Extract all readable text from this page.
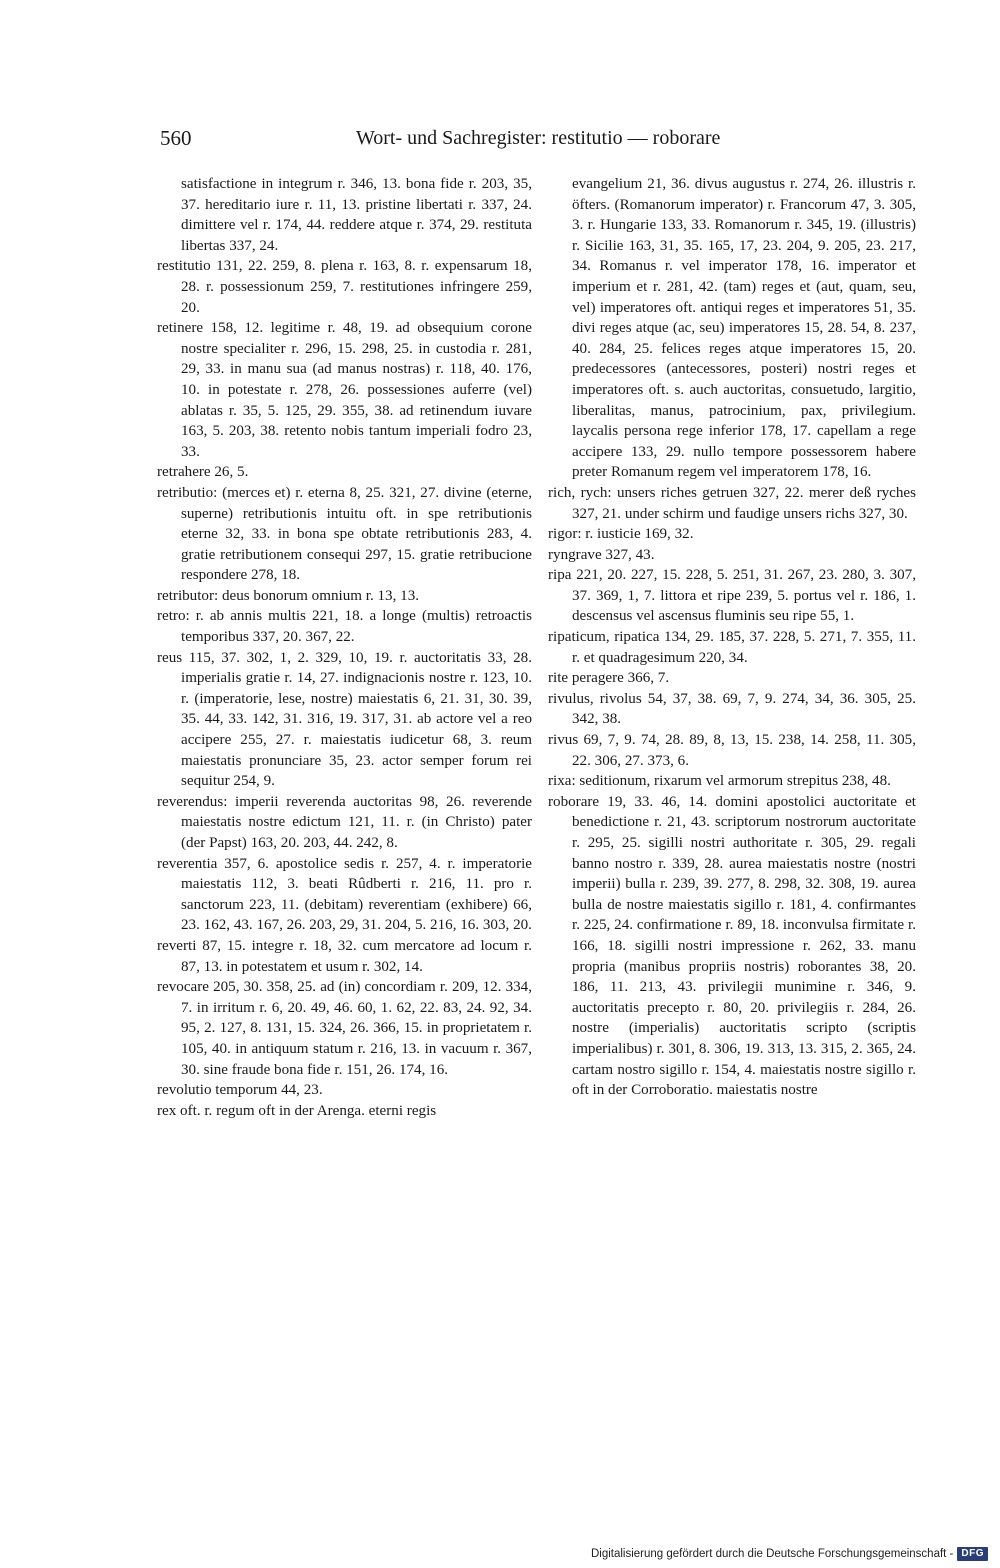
560	Wort- und Sachregister: restitutio — roborare

satisfactione in integrum r. 346, 13. bona fide r. 203, 35, 37. hereditario iure r. 11, 13. pristine libertati r. 337, 24. dimittere vel r. 174, 44. reddere atque r. 374, 29. restituta libertas 337, 24.

restitutio 131, 22. 259, 8. plena r. 163, 8. r. expensarum 18, 28. r. possessionum 259, 7. restitutiones infringere 259, 20.

retinere 158, 12. legitime r. 48, 19. ad obsequium corone nostre specialiter r. 296, 15. 298, 25. in custodia r. 281, 29, 33. in manu sua (ad manus nostras) r. 118, 40. 176, 10. in potestate r. 278, 26. possessiones auferre (vel) ablatas r. 35, 5. 125, 29. 355, 38. ad retinendum iuvare 163, 5. 203, 38. retento nobis tantum imperiali fodro 23, 33.

retrahere 26, 5.

retributio: (merces et) r. eterna 8, 25. 321, 27. divine (eterne, superne) retributionis intuitu oft. in spe retributionis eterne 32, 33. in bona spe obtate retributionis 283, 4. gratie retributionem consequi 297, 15. gratie retribucione respondere 278, 18.

retributor: deus bonorum omnium r. 13, 13.

retro: r. ab annis multis 221, 18. a longe (multis) retroactis temporibus 337, 20. 367, 22.

reus 115, 37. 302, 1, 2. 329, 10, 19. r. auctoritatis 33, 28. imperialis gratie r. 14, 27. indignacionis nostre r. 123, 10. r. (imperatorie, lese, nostre) maiestatis 6, 21. 31, 30. 39, 35. 44, 33. 142, 31. 316, 19. 317, 31. ab actore vel a reo accipere 255, 27. r. maiestatis iudicetur 68, 3. reum maiestatis pronunciare 35, 23. actor semper forum rei sequitur 254, 9.

reverendus: imperii reverenda auctoritas 98, 26. reverende maiestatis nostre edictum 121, 11. r. (in Christo) pater (der Papst) 163, 20. 203, 44. 242, 8.

reverentia 357, 6. apostolice sedis r. 257, 4. r. imperatorie maiestatis 112, 3. beati Rûdberti r. 216, 11. pro r. sanctorum 223, 11. (debitam) reverentiam (exhibere) 66, 23. 162, 43. 167, 26. 203, 29, 31. 204, 5. 216, 16. 303, 20.

reverti 87, 15. integre r. 18, 32. cum mercatore ad locum r. 87, 13. in potestatem et usum r. 302, 14.

revocare 205, 30. 358, 25. ad (in) concordiam r. 209, 12. 334, 7. in irritum r. 6, 20. 49, 46. 60, 1. 62, 22. 83, 24. 92, 34. 95, 2. 127, 8. 131, 15. 324, 26. 366, 15. in proprietatem r. 105, 40. in antiquum statum r. 216, 13. in vacuum r. 367, 30. sine fraude bona fide r. 151, 26. 174, 16.

revolutio temporum 44, 23.

rex oft. r. regum oft in der Arenga. eterni regis

evangelium 21, 36. divus augustus r. 274, 26. illustris r. öfters. (Romanorum imperator) r. Francorum 47, 3. 305, 3. r. Hungarie 133, 33. Romanorum r. 345, 19. (illustris) r. Sicilie 163, 31, 35. 165, 17, 23. 204, 9. 205, 23. 217, 34. Romanus r. vel imperator 178, 16. imperator et imperium et r. 281, 42. (tam) reges et (aut, quam, seu, vel) imperatores oft. antiqui reges et imperatores 51, 35. divi reges atque (ac, seu) imperatores 15, 28. 54, 8. 237, 40. 284, 25. felices reges atque imperatores 15, 20. predecessores (antecessores, posteri) nostri reges et imperatores oft. s. auch auctoritas, consuetudo, largitio, liberalitas, manus, patrocinium, pax, privilegium. laycalis persona rege inferior 178, 17. capellam a rege accipere 133, 29. nullo tempore possessorem habere preter Romanum regem vel imperatorem 178, 16.

rich, rych: unsers riches getruen 327, 22. merer deß ryches 327, 21. under schirm und faudige unsers richs 327, 30.

rigor: r. iusticie 169, 32.

ryngrave 327, 43.

ripa 221, 20. 227, 15. 228, 5. 251, 31. 267, 23. 280, 3. 307, 37. 369, 1, 7. littora et ripe 239, 5. portus vel r. 186, 1. descensus vel ascensus fluminis seu ripe 55, 1.

ripaticum, ripatica 134, 29. 185, 37. 228, 5. 271, 7. 355, 11. r. et quadragesimum 220, 34.

rite peragere 366, 7.

rivulus, rivolus 54, 37, 38. 69, 7, 9. 274, 34, 36. 305, 25. 342, 38.

rivus 69, 7, 9. 74, 28. 89, 8, 13, 15. 238, 14. 258, 11. 305, 22. 306, 27. 373, 6.

rixa: seditionum, rixarum vel armorum strepitus 238, 48.

roborare 19, 33. 46, 14. domini apostolici auctoritate et benedictione r. 21, 43. scriptorum nostrorum auctoritate r. 295, 25. sigilli nostri authoritate r. 305, 29. regali banno nostro r. 339, 28. aurea maiestatis nostre (nostri imperii) bulla r. 239, 39. 277, 8. 298, 32. 308, 19. aurea bulla de nostre maiestatis sigillo r. 181, 4. confirmantes r. 225, 24. confirmatione r. 89, 18. inconvulsa firmitate r. 166, 18. sigilli nostri impressione r. 262, 33. manu propria (manibus propriis nostris) roborantes 38, 20. 186, 11. 213, 43. privilegii munimine r. 346, 9. auctoritatis precepto r. 80, 20. privilegiis r. 284, 26. nostre (imperialis) auctoritatis scripto (scriptis imperialibus) r. 301, 8. 306, 19. 313, 13. 315, 2. 365, 24. cartam nostro sigillo r. 154, 4. maiestatis nostre sigillo r. oft in der Corroboratio. maiestatis nostre

Digitalisierung gefördert durch die Deutsche Forschungsgemeinschaft - DFG
